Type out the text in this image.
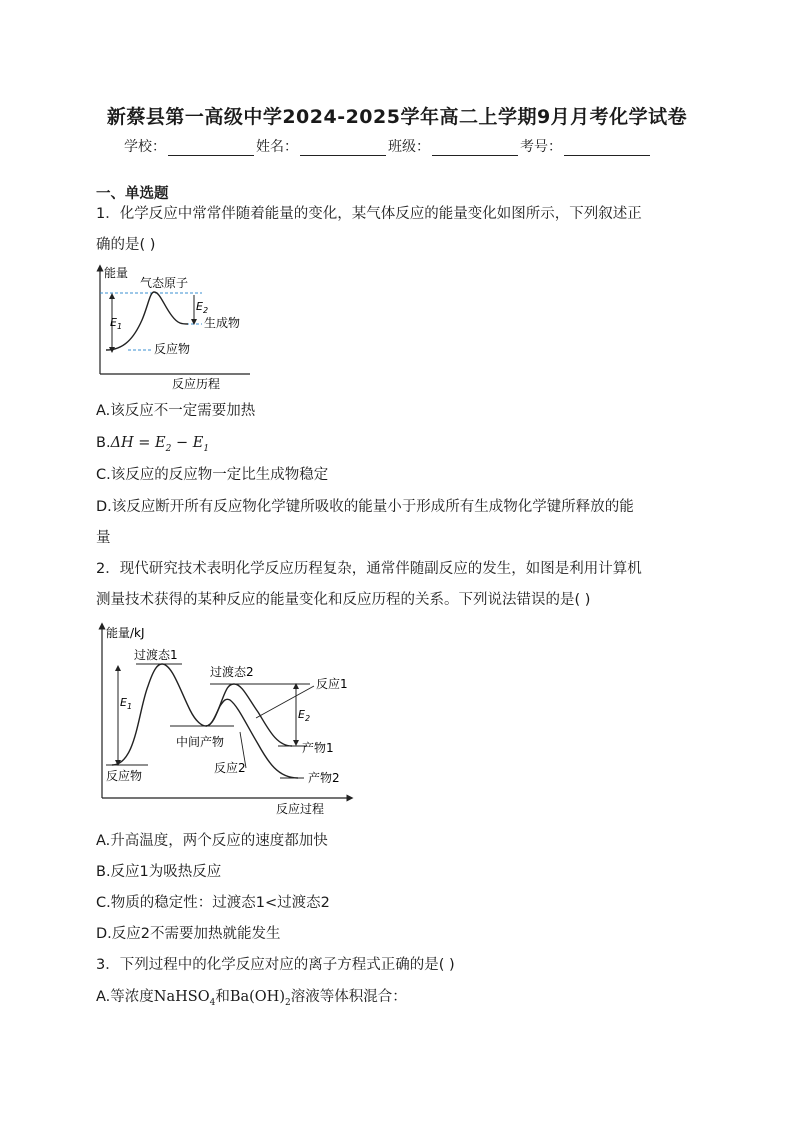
新蔡县第一高级中学2024-2025学年高二上学期9月月考化学试卷
学校：	姓名：	班级：	考号：
一、单选题
1．化学反应中常常伴随着能量的变化，某气体反应的能量变化如图所示，下列叙述正
确的是( )
能量
反应历程
$E_1$
$E_2$
气态原子
生成物
反应物
A.该反应不一定需要加热
$B.\Delta H = E_2 - E_1$
C.该反应的反应物一定比生成物稳定
D.该反应断开所有反应物化学键所吸收的能量小于形成所有生成物化学键所释放的能
量
2．现代研究技术表明化学反应历程复杂，通常伴随副反应的发生，如图是利用计算机
测量技术获得的某种反应的能量变化和反应历程的关系。下列说法错误的是( )
能量/kJ
反应过程
$E_1$
$E_2$
过渡态1
过渡态2
反应1
中间产物	产物1
反应2
反应物	产物2
A.升高温度，两个反应的速度都加快
B.反应1为吸热反应
C.物质的稳定性：过渡态1<过渡态2
D.反应2不需要加热就能发生
3．下列过程中的化学反应对应的离子方程式正确的是( )
A.等浓度NaHSO$_4$和$Ba(OH)_2$溶液等体积混合：
